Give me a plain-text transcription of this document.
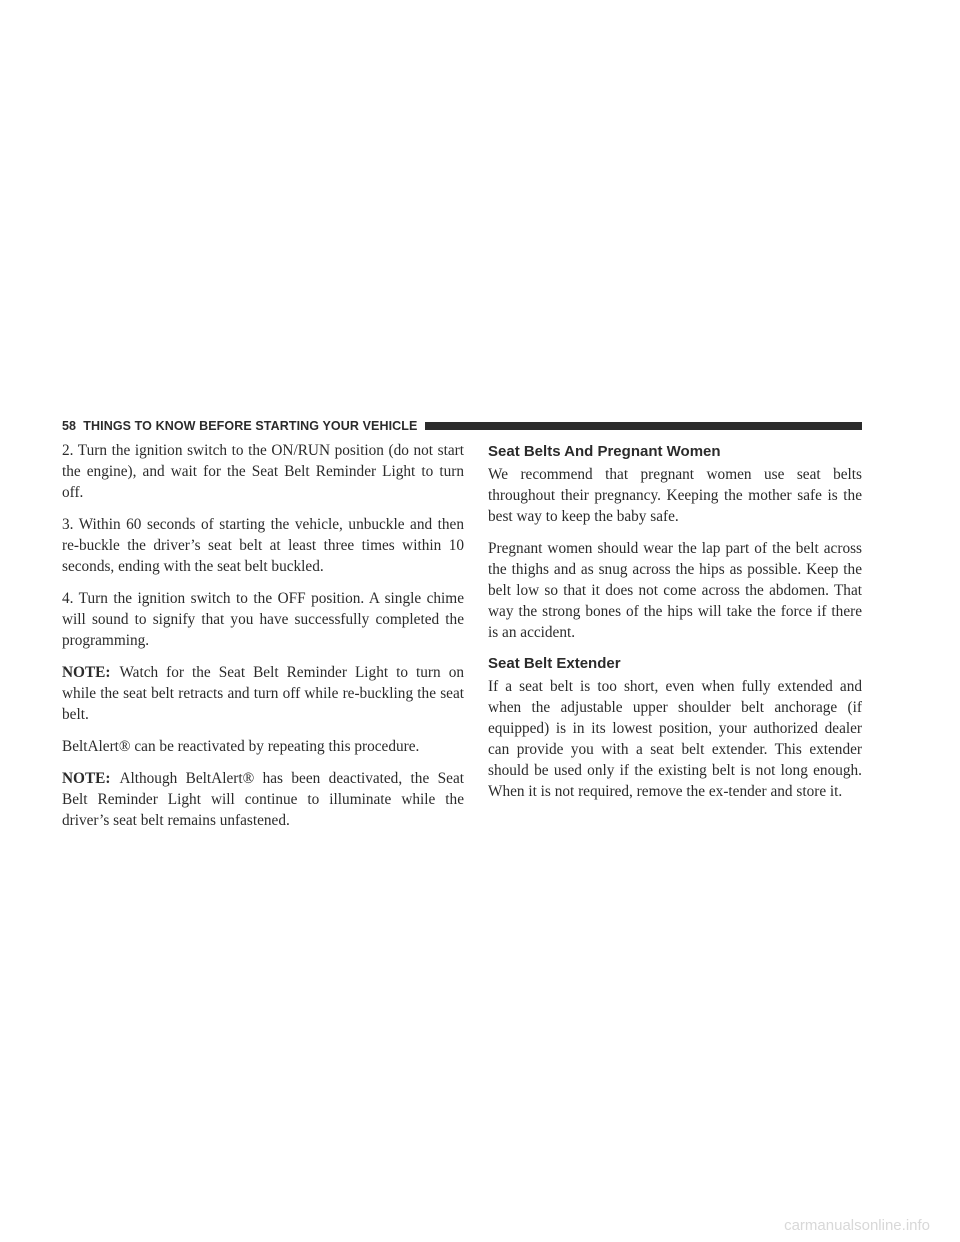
58 THINGS TO KNOW BEFORE STARTING YOUR VEHICLE

2. Turn the ignition switch to the ON/RUN position (do not start the engine), and wait for the Seat Belt Reminder Light to turn off.

3. Within 60 seconds of starting the vehicle, unbuckle and then re-buckle the driver’s seat belt at least three times within 10 seconds, ending with the seat belt buckled.

4. Turn the ignition switch to the OFF position. A single chime will sound to signify that you have successfully completed the programming.

NOTE: Watch for the Seat Belt Reminder Light to turn on while the seat belt retracts and turn off while re-buckling the seat belt.

BeltAlert® can be reactivated by repeating this procedure.

NOTE: Although BeltAlert® has been deactivated, the Seat Belt Reminder Light will continue to illuminate while the driver’s seat belt remains unfastened.

Seat Belts And Pregnant Women

We recommend that pregnant women use seat belts throughout their pregnancy. Keeping the mother safe is the best way to keep the baby safe.

Pregnant women should wear the lap part of the belt across the thighs and as snug across the hips as possible. Keep the belt low so that it does not come across the abdomen. That way the strong bones of the hips will take the force if there is an accident.

Seat Belt Extender

If a seat belt is too short, even when fully extended and when the adjustable upper shoulder belt anchorage (if equipped) is in its lowest position, your authorized dealer can provide you with a seat belt extender. This extender should be used only if the existing belt is not long enough. When it is not required, remove the ex-tender and store it.

carmanualsonline.info
